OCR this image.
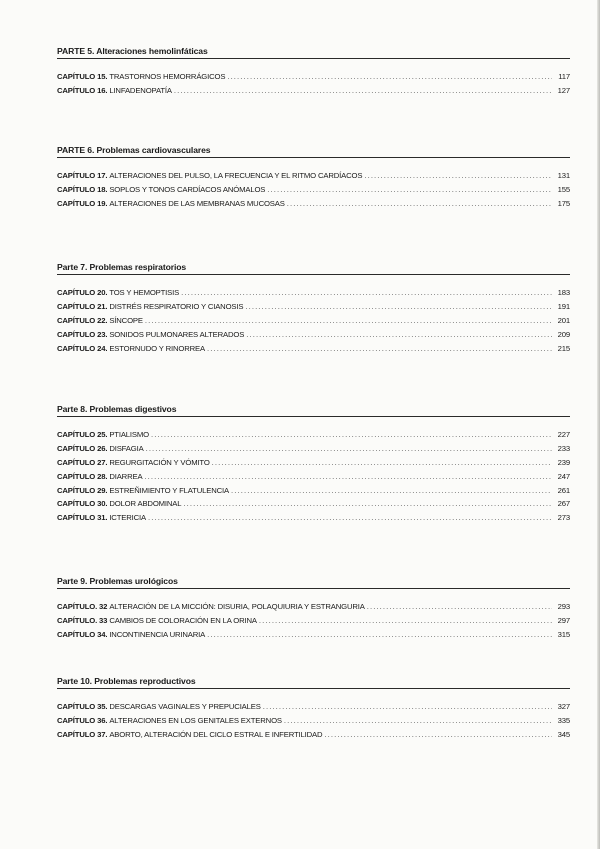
PARTE 5. Alteraciones hemolinfáticas
CAPÍTULO 15. TRASTORNOS HEMORRÁGICOS .....	117
CAPÍTULO 16. LINFADENOPATÍA .....	127
PARTE 6. Problemas cardiovasculares
CAPÍTULO 17. ALTERACIONES DEL PULSO, LA FRECUENCIA Y EL RITMO CARDÍACOS .....	131
CAPÍTULO 18. SOPLOS Y TONOS CARDÍACOS ANÓMALOS .....	155
CAPÍTULO 19. ALTERACIONES DE LAS MEMBRANAS MUCOSAS .....	175
Parte 7. Problemas respiratorios
CAPÍTULO 20. TOS Y HEMOPTISIS .....	183
CAPÍTULO 21. DISTRÉS RESPIRATORIO Y CIANOSIS .....	191
CAPÍTULO 22. SÍNCOPE .....	201
CAPÍTULO 23. SONIDOS PULMONARES ALTERADOS .....	209
CAPÍTULO 24. ESTORNUDO Y RINORREA .....	215
Parte 8. Problemas digestivos
CAPÍTULO 25. PTIALISMO .....	227
CAPÍTULO 26. DISFAGIA .....	233
CAPÍTULO 27. REGURGITACIÓN Y VÓMITO .....	239
CAPÍTULO 28. DIARREA .....	247
CAPÍTULO 29. ESTREÑIMIENTO Y FLATULENCIA .....	261
CAPÍTULO 30. DOLOR ABDOMINAL .....	267
CAPÍTULO 31. ICTERICIA .....	273
Parte 9. Problemas urológicos
CAPÍTULO. 32 ALTERACIÓN DE LA MICCIÓN: DISURIA, POLAQUIURIA Y ESTRANGURIA .....	293
CAPÍTULO. 33 CAMBIOS DE COLORACIÓN EN LA ORINA .....	297
CAPÍTULO 34. INCONTINENCIA URINARIA .....	315
Parte 10. Problemas reproductivos
CAPÍTULO 35. DESCARGAS VAGINALES Y PREPUCIALES .....	327
CAPÍTULO 36. ALTERACIONES EN LOS GENITALES EXTERNOS .....	335
CAPÍTULO 37. ABORTO, ALTERACIÓN DEL CICLO ESTRAL E INFERTILIDAD .....	345
